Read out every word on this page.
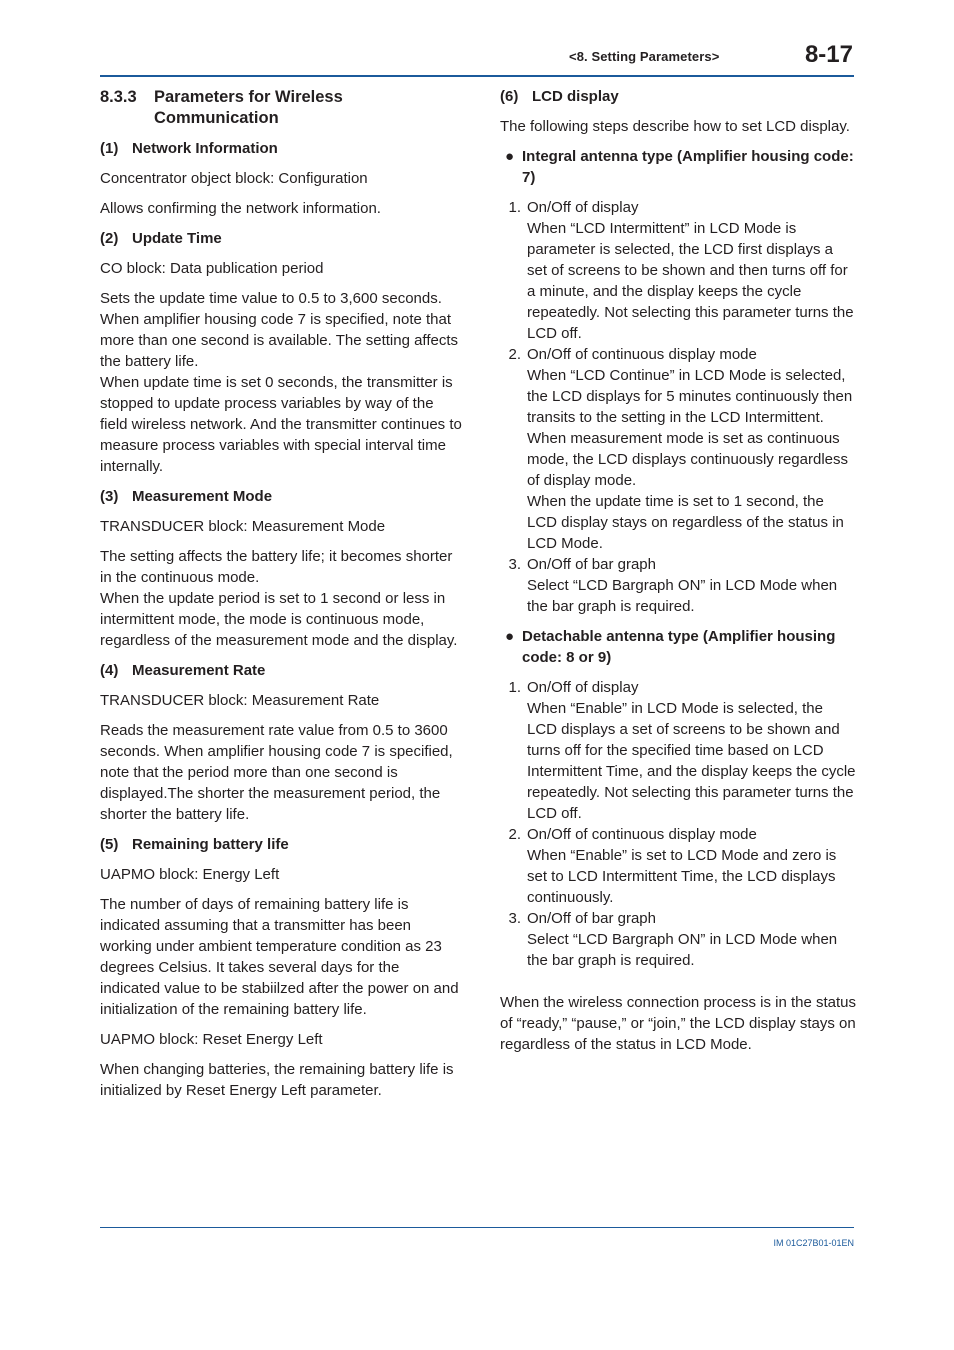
<8. Setting Parameters>	8-17
8.3.3	Parameters for Wireless Communication
(1) Network Information

Concentrator object block: Configuration

Allows confirming the network information.

(2) Update Time

CO block: Data publication period

Sets the update time value to 0.5 to 3,600 seconds. When amplifier housing code 7 is specified, note that more than one second is available. The setting affects the battery life.

When update time is set 0 seconds, the transmitter is stopped to update process variables by way of the field wireless network. And the transmitter continues to measure process variables with special interval time internally.

(3) Measurement Mode

TRANSDUCER block: Measurement Mode

The setting affects the battery life; it becomes shorter in the continuous mode.

When the update period is set to 1 second or less in intermittent mode, the mode is continuous mode, regardless of the measurement mode and the display.

(4) Measurement Rate

TRANSDUCER block: Measurement Rate

Reads the measurement rate value from 0.5 to 3600 seconds. When amplifier housing code 7 is specified, note that the period more than one second is displayed.The shorter the measurement period, the shorter the battery life.

(5) Remaining battery life

UAPMO block: Energy Left

The number of days of remaining battery life is indicated assuming that a transmitter has been working under ambient temperature condition as 23 degrees Celsius. It takes several days for the indicated value to be stabiilzed after the power on and initialization of the remaining battery life.

UAPMO block: Reset Energy Left

When changing batteries, the remaining battery life is initialized by Reset Energy Left parameter.

(6) LCD display

The following steps describe how to set LCD display.

● Integral antenna type (Amplifier housing code: 7)
1. On/Off of display
When “LCD Intermittent” in LCD Mode is parameter is selected, the LCD first displays a set of screens to be shown and then turns off for a minute, and the display keeps the cycle repeatedly. Not selecting this parameter turns the LCD off.
2. On/Off of continuous display mode
When “LCD Continue” in LCD Mode is selected, the LCD displays for 5 minutes continuously then transits to the setting in the LCD Intermittent.
When measurement mode is set as continuous mode, the LCD displays continuously regardless of display mode.
When the update time is set to 1 second, the LCD display stays on regardless of the status in LCD Mode.
3. On/Off of bar graph
Select “LCD Bargraph ON” in LCD Mode when the bar graph is required.
● Detachable antenna type (Amplifier housing code: 8 or 9)
1. On/Off of display
When “Enable” in LCD Mode is selected, the LCD displays a set of screens to be shown and turns off for the specified time based on LCD Intermittent Time, and the display keeps the cycle repeatedly. Not selecting this parameter turns the LCD off.
2. On/Off of continuous display mode
When “Enable” is set to LCD Mode and zero is set to LCD Intermittent Time, the LCD displays continuously.
3. On/Off of bar graph
Select “LCD Bargraph ON” in LCD Mode when the bar graph is required.

When the wireless connection process is in the status of “ready,” “pause,” or “join,” the LCD display stays on regardless of the status in LCD Mode.

IM 01C27B01-01EN
